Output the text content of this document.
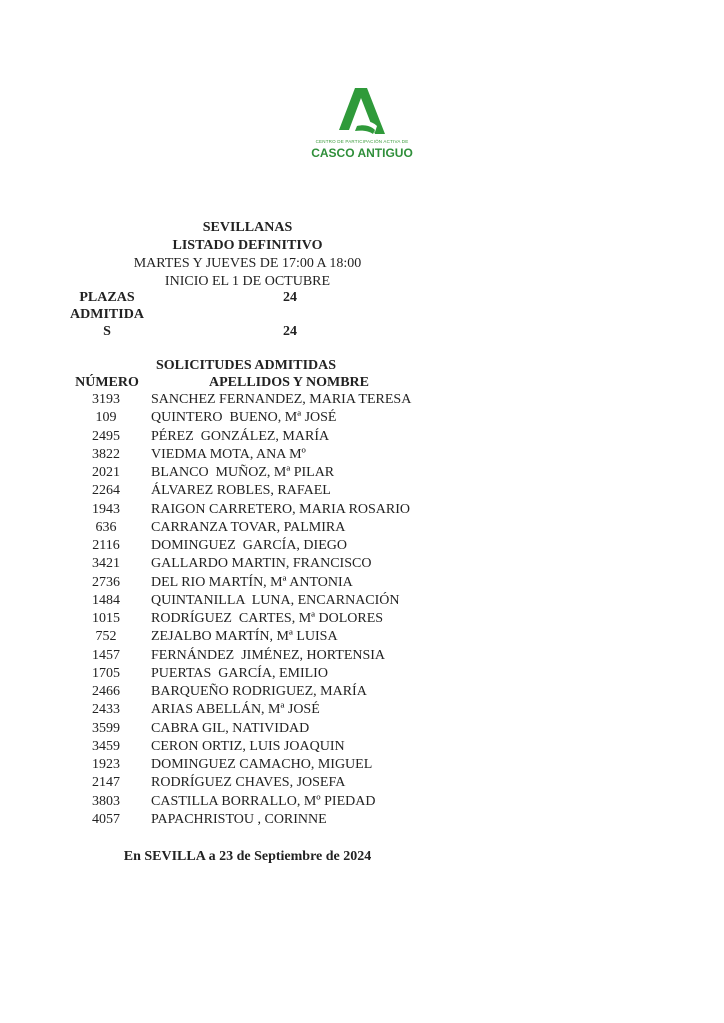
CENTRO DE PARTICIPACIÓN ACTIVA DE
CASCO ANTIGUO
SEVILLANAS
LISTADO DEFINITIVO
MARTES Y JUEVES DE 17:00 A 18:00
INICIO EL 1 DE OCTUBRE
PLAZAS	24
ADMITIDA
S	24
SOLICITUDES ADMITIDAS
NÚMERO	APELLIDOS Y NOMBRE
3193	SANCHEZ FERNANDEZ, MARIA TERESA
109	QUINTERO  BUENO, Mª JOSÉ
2495	PÉREZ  GONZÁLEZ, MARÍA
3822	VIEDMA MOTA, ANA Mº
2021	BLANCO  MUÑOZ, Mª PILAR
2264	ÁLVAREZ ROBLES, RAFAEL
1943	RAIGON CARRETERO, MARIA ROSARIO
636	CARRANZA TOVAR, PALMIRA
2116	DOMINGUEZ  GARCÍA, DIEGO
3421	GALLARDO MARTIN, FRANCISCO
2736	DEL RIO MARTÍN, Mª ANTONIA
1484	QUINTANILLA  LUNA, ENCARNACIÓN
1015	RODRÍGUEZ  CARTES, Mª DOLORES
752	ZEJALBO MARTÍN, Mª LUISA
1457	FERNÁNDEZ  JIMÉNEZ, HORTENSIA
1705	PUERTAS  GARCÍA, EMILIO
2466	BARQUEÑO RODRIGUEZ, MARÍA
2433	ARIAS ABELLÁN, Mª JOSÉ
3599	CABRA GIL, NATIVIDAD
3459	CERON ORTIZ, LUIS JOAQUIN
1923	DOMINGUEZ CAMACHO, MIGUEL
2147	RODRÍGUEZ CHAVES, JOSEFA
3803	CASTILLA BORRALLO, Mº PIEDAD
4057	PAPACHRISTOU , CORINNE
En SEVILLA a 23 de Septiembre de 2024
